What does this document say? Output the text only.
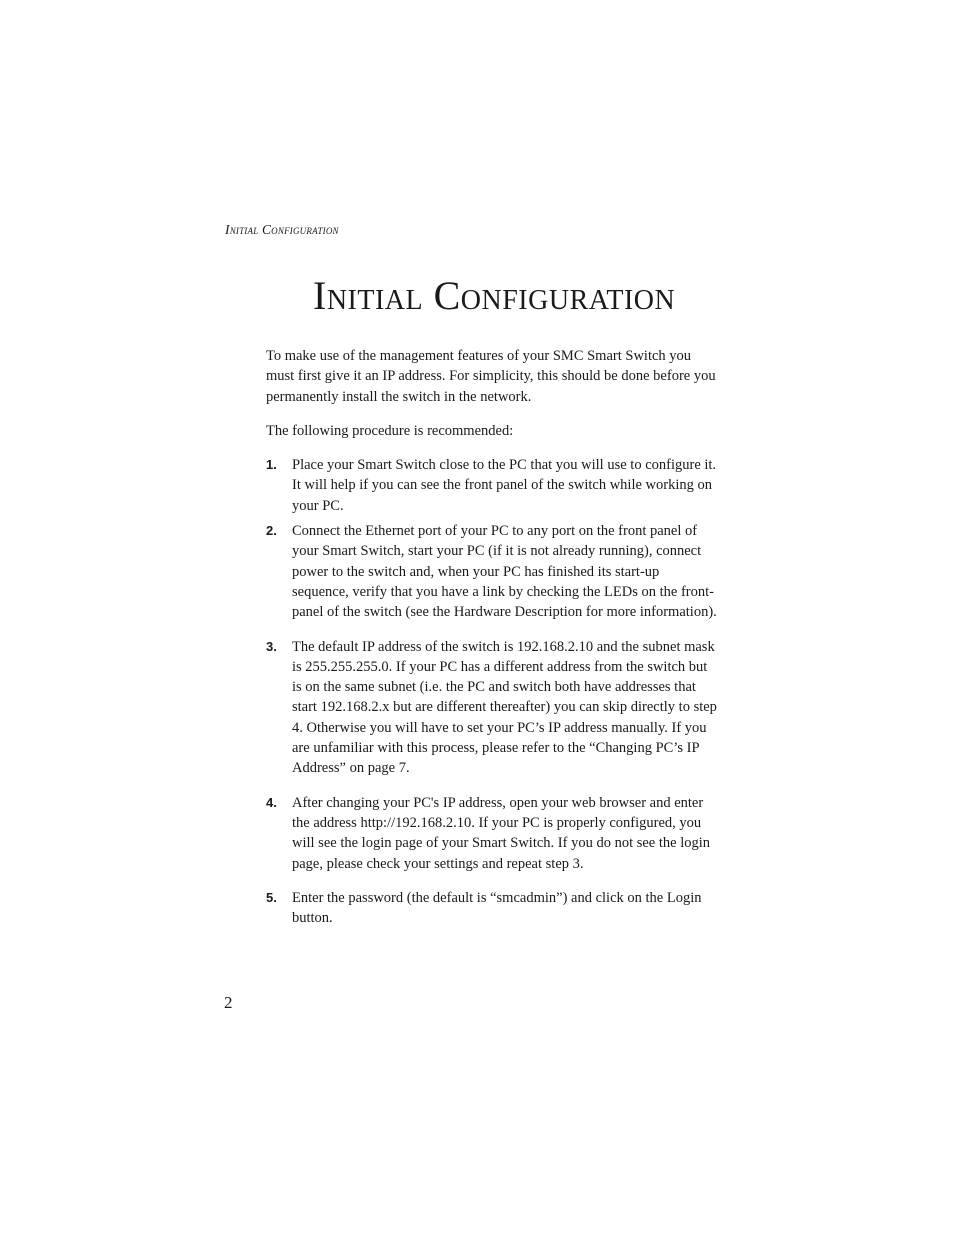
Initial Configuration
Initial Configuration

To make use of the management features of your SMC Smart Switch you must first give it an IP address. For simplicity, this should be done before you permanently install the switch in the network.

The following procedure is recommended:

1. Place your Smart Switch close to the PC that you will use to configure it. It will help if you can see the front panel of the switch while working on your PC.
2. Connect the Ethernet port of your PC to any port on the front panel of your Smart Switch, start your PC (if it is not already running), connect power to the switch and, when your PC has finished its start-up sequence, verify that you have a link by checking the LEDs on the front-panel of the switch (see the Hardware Description for more information).
3. The default IP address of the switch is 192.168.2.10 and the subnet mask is 255.255.255.0. If your PC has a different address from the switch but is on the same subnet (i.e. the PC and switch both have addresses that start 192.168.2.x but are different thereafter) you can skip directly to step 4. Otherwise you will have to set your PC’s IP address manually. If you are unfamiliar with this process, please refer to the “Changing PC’s IP Address” on page 7.
4. After changing your PC's IP address, open your web browser and enter the address http://192.168.2.10. If your PC is properly configured, you will see the login page of your Smart Switch. If you do not see the login page, please check your settings and repeat step 3.
5. Enter the password (the default is “smcadmin”) and click on the Login button.
2
